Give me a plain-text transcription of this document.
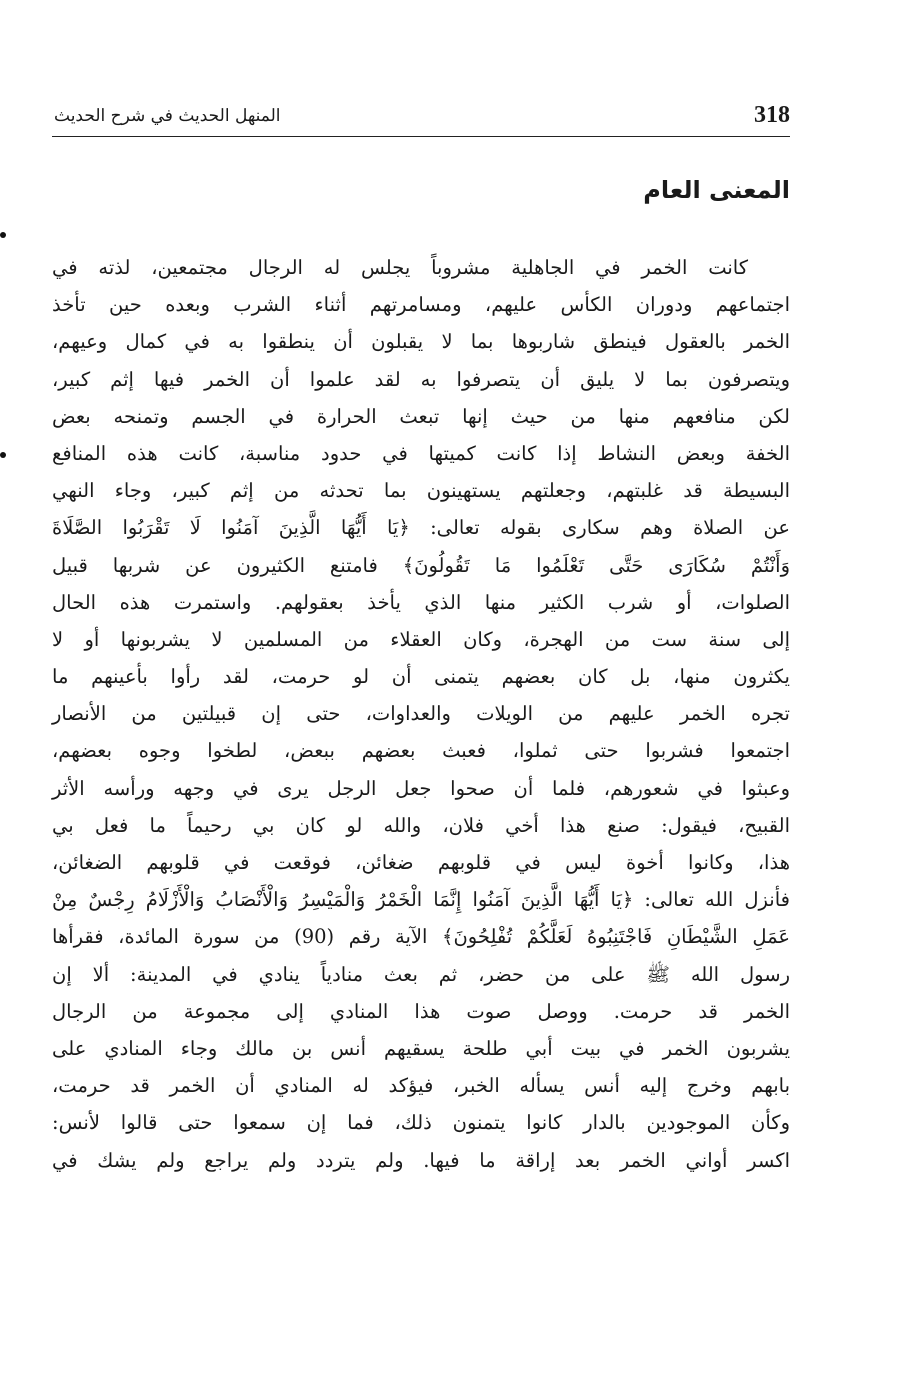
318
المنهل الحديث في شرح الحديث
المعنى العام
كانت الخمر في الجاهلية مشروباً يجلس له الرجال مجتمعين، لذته في
اجتماعهم ودوران الكأس عليهم، ومسامرتهم أثناء الشرب وبعده حين تأخذ
الخمر بالعقول فينطق شاربوها بما لا يقبلون أن ينطقوا به في كمال وعيهم،
ويتصرفون بما لا يليق أن يتصرفوا به لقد علموا أن الخمر فيها إثم كبير،
لكن منافعهم منها من حيث إنها تبعث الحرارة في الجسم وتمنحه بعض
الخفة وبعض النشاط إذا كانت كميتها في حدود مناسبة، كانت هذه المنافع
البسيطة قد غلبتهم، وجعلتهم يستهينون بما تحدثه من إثم كبير، وجاء النهي
عن الصلاة وهم سكارى بقوله تعالى: ﴿يَا أَيُّهَا الَّذِينَ آمَنُوا لَا تَقْرَبُوا الصَّلَاةَ
وَأَنْتُمْ سُكَارَى حَتَّى تَعْلَمُوا مَا تَقُولُونَ﴾ فامتنع الكثيرون عن شربها قبيل
الصلوات، أو شرب الكثير منها الذي يأخذ بعقولهم. واستمرت هذه الحال
إلى سنة ست من الهجرة، وكان العقلاء من المسلمين لا يشربونها أو لا
يكثرون منها، بل كان بعضهم يتمنى أن لو حرمت، لقد رأوا بأعينهم ما
تجره الخمر عليهم من الويلات والعداوات، حتى إن قبيلتين من الأنصار
اجتمعوا فشربوا حتى ثملوا، فعبث بعضهم ببعض، لطخوا وجوه بعضهم،
وعبثوا في شعورهم، فلما أن صحوا جعل الرجل يرى في وجهه ورأسه الأثر
القبيح، فيقول: صنع هذا أخي فلان، والله لو كان بي رحيماً ما فعل بي
هذا، وكانوا أخوة ليس في قلوبهم ضغائن، فوقعت في قلوبهم الضغائن،
فأنزل الله تعالى: ﴿يَا أَيُّهَا الَّذِينَ آمَنُوا إِنَّمَا الْخَمْرُ وَالْمَيْسِرُ وَالْأَنْصَابُ وَالْأَزْلَامُ رِجْسٌ مِنْ
عَمَلِ الشَّيْطَانِ فَاجْتَنِبُوهُ لَعَلَّكُمْ تُفْلِحُونَ﴾ الآية رقم (90) من سورة المائدة، فقرأها
رسول الله ﷺ على من حضر، ثم بعث منادياً ينادي في المدينة: ألا إن
الخمر قد حرمت. ووصل صوت هذا المنادي إلى مجموعة من الرجال
يشربون الخمر في بيت أبي طلحة يسقيهم أنس بن مالك وجاء المنادي على
بابهم وخرج إليه أنس يسأله الخبر، فيؤكد له المنادي أن الخمر قد حرمت،
وكأن الموجودين بالدار كانوا يتمنون ذلك، فما إن سمعوا حتى قالوا لأنس:
اكسر أواني الخمر بعد إراقة ما فيها. ولم يتردد ولم يراجع ولم يشك في
